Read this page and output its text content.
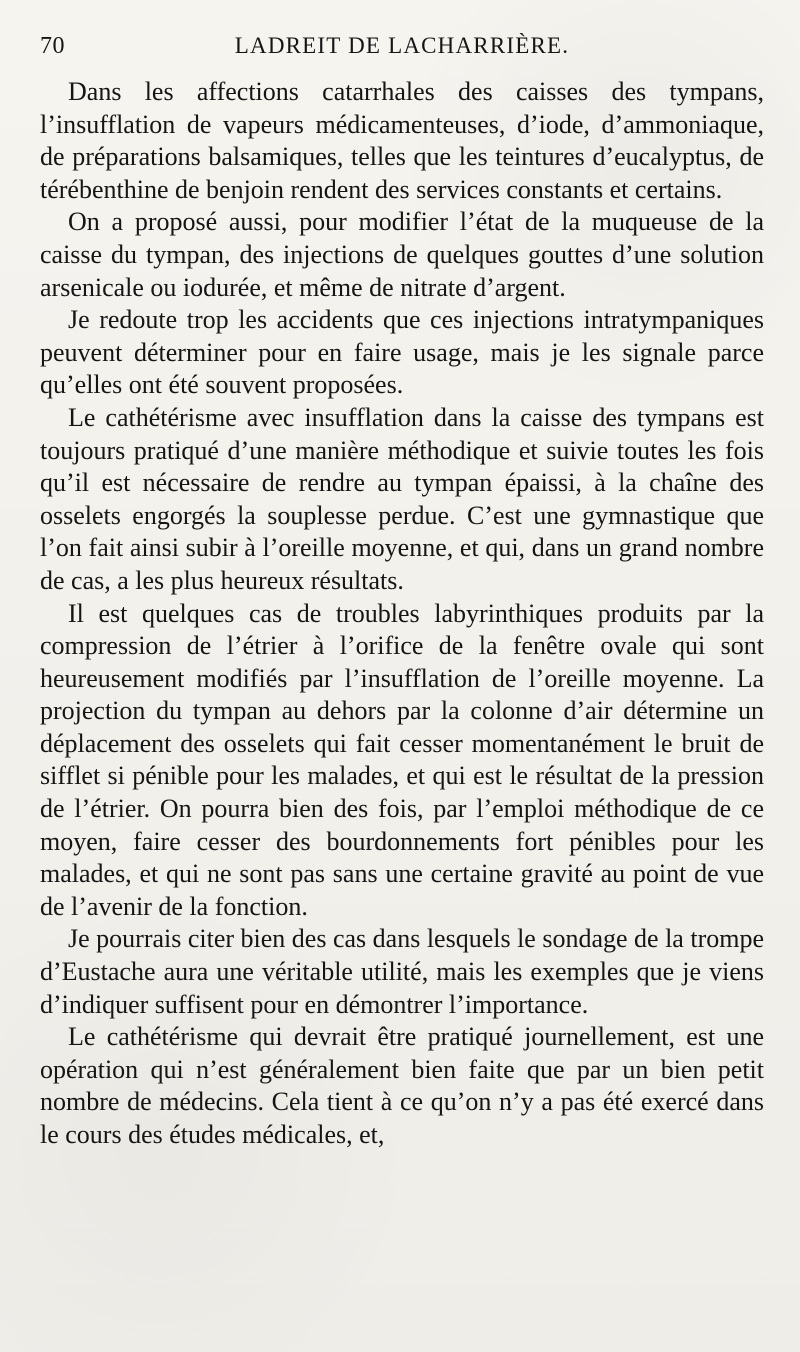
70	LADREIT DE LACHARRIÈRE.

Dans les affections catarrhales des caisses des tympans, l’insufflation de vapeurs médicamenteuses, d’iode, d’ammoniaque, de préparations balsamiques, telles que les teintures d’eucalyptus, de térébenthine de benjoin rendent des services constants et certains.

On a proposé aussi, pour modifier l’état de la muqueuse de la caisse du tympan, des injections de quelques gouttes d’une solution arsenicale ou iodurée, et même de nitrate d’argent.

Je redoute trop les accidents que ces injections intratympaniques peuvent déterminer pour en faire usage, mais je les signale parce qu’elles ont été souvent proposées.

Le cathétérisme avec insufflation dans la caisse des tympans est toujours pratiqué d’une manière méthodique et suivie toutes les fois qu’il est nécessaire de rendre au tympan épaissi, à la chaîne des osselets engorgés la souplesse perdue. C’est une gymnastique que l’on fait ainsi subir à l’oreille moyenne, et qui, dans un grand nombre de cas, a les plus heureux résultats.

Il est quelques cas de troubles labyrinthiques produits par la compression de l’étrier à l’orifice de la fenêtre ovale qui sont heureusement modifiés par l’insufflation de l’oreille moyenne. La projection du tympan au dehors par la colonne d’air détermine un déplacement des osselets qui fait cesser momentanément le bruit de sifflet si pénible pour les malades, et qui est le résultat de la pression de l’étrier. On pourra bien des fois, par l’emploi méthodique de ce moyen, faire cesser des bourdonnements fort pénibles pour les malades, et qui ne sont pas sans une certaine gravité au point de vue de l’avenir de la fonction.

Je pourrais citer bien des cas dans lesquels le sondage de la trompe d’Eustache aura une véritable utilité, mais les exemples que je viens d’indiquer suffisent pour en démontrer l’importance.

Le cathétérisme qui devrait être pratiqué journellement, est une opération qui n’est généralement bien faite que par un bien petit nombre de médecins. Cela tient à ce qu’on n’y a pas été exercé dans le cours des études médicales, et,
